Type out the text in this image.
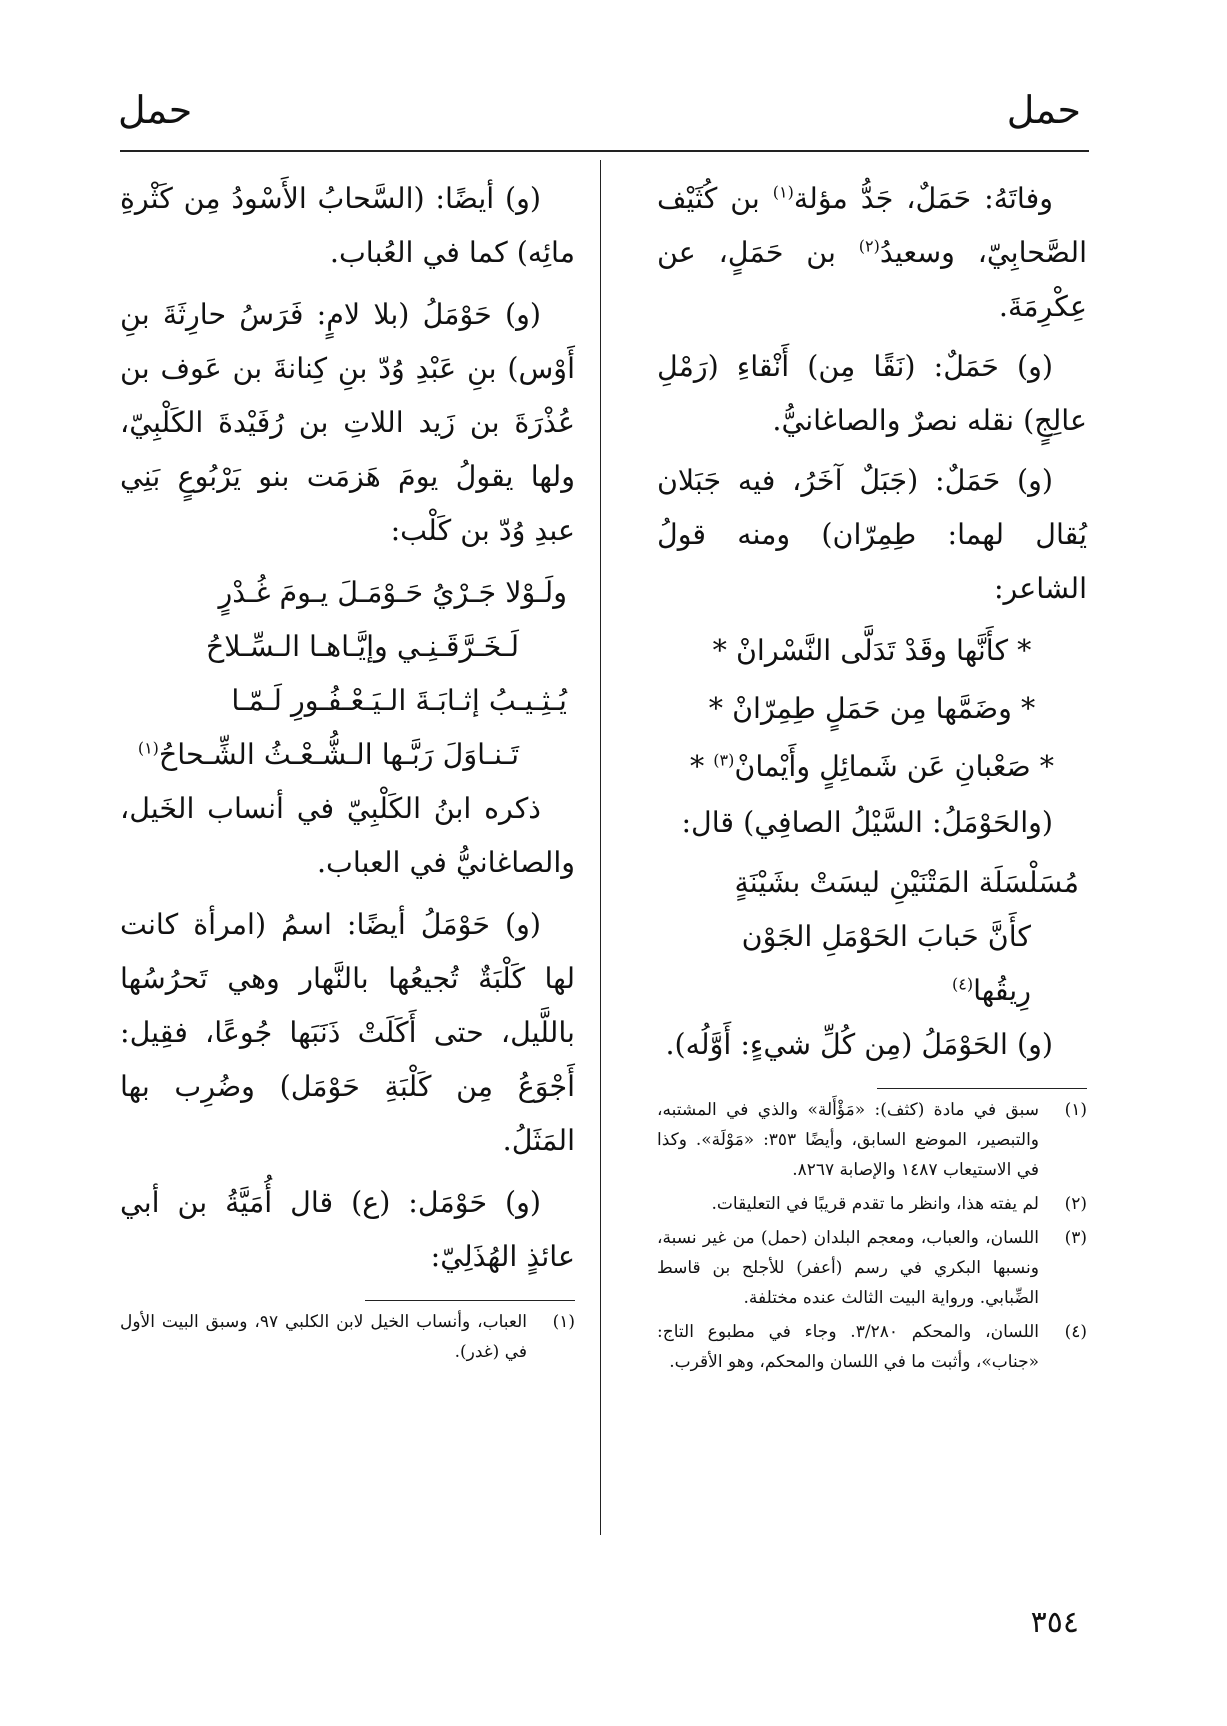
حمل
حمل

وفاتَهُ: حَمَلٌ، جَدُّ مؤلة$^{(١)}$ بن كُثَيْف الصَّحابِيّ، وسعيدُ$^{(٢)}$ بن حَمَلٍ، عن عِكْرِمَةَ.

(و) حَمَلٌ: (نَقًا مِن) أَنْقاءِ (رَمْلِ عالِجٍ) نقله نصرٌ والصاغانيُّ.

(و) حَمَلٌ: (جَبَلٌ آخَرُ، فيه جَبَلان يُقال لهما: طِمِرّان) ومنه قولُ الشاعر:

* كأَنَّها وقَدْ تَدَلَّى النَّسْرانْ *

* وضَمَّها مِن حَمَلٍ طِمِرّانْ *

* صَعْبانِ عَن شَمائِلٍ وأَيْمانْ$^{(٣)}$ *

(والحَوْمَلُ: السَّيْلُ الصافِي) قال:

مُسَلْسَلَة المَتْنَيْنِ ليسَتْ بشَيْنَةٍ

كأَنَّ حَبابَ الحَوْمَلِ الجَوْن رِيقُها$^{(٤)}$

(و) الحَوْمَلُ (مِن كُلِّ شيءٍ: أَوَّلُه).

(١)سبق في مادة (كثف): «مَؤْأَلة» والذي في المشتبه، والتبصير، الموضع السابق، وأيضًا ٣٥٣: «مَوْلَة». وكذا في الاستيعاب ١٤٨٧ والإصابة ٨٢٦٧.

(٢)لم يفته هذا، وانظر ما تقدم قريبًا في التعليقات.

(٣)اللسان، والعباب، ومعجم البلدان (حمل) من غير نسبة، ونسبها البكري في رسم (أعفر) للأجلح بن قاسط الضِّبابي. ورواية البيت الثالث عنده مختلفة.

(٤)اللسان، والمحكم ٣/٢٨٠. وجاء في مطبوع التاج: «جناب»، وأثبت ما في اللسان والمحكم، وهو الأقرب.

(و) أيضًا: (السَّحابُ الأَسْودُ مِن كَثْرةِ مائِه) كما في العُباب.

(و) حَوْمَلُ (بلا لامٍ: فَرَسُ حارِثَةَ بنِ أَوْس) بنِ عَبْدِ وُدّ بنِ كِنانةَ بن عَوف بن عُذْرَةَ بن زَيد اللاتِ بن رُفَيْدةَ الكَلْبِيّ، ولها يقولُ يومَ هَزمَت بنو يَرْبُوعٍ بَنِي عبدِ وُدّ بن كَلْب:

ولَـوْلا جَـرْيُ حَـوْمَـلَ يـومَ غُـدْرٍ

لَـخَـرَّقَـنِـي وإيَّـاهـا الـسِّـلاحُ

يُـثِـيـبُ إثـابَـةَ الـيَـعْـفُـورِ لَـمّـا

تَـنـاوَلَ رَبَّـها الـشُّـعْـثُ الشِّـحاحُ$^{(١)}$

ذكره ابنُ الكَلْبِيّ في أنساب الخَيل، والصاغانيُّ في العباب.

(و) حَوْمَلُ أيضًا: اسمُ (امرأة كانت لها كَلْبَةٌ تُجيعُها بالنَّهار وهي تَحرُسُها باللَّيل، حتى أَكَلَتْ ذَنَبَها جُوعًا، فقِيل: أَجْوَعُ مِن كَلْبَةِ حَوْمَل) وضُرِب بها المَثَلُ.

(و) حَوْمَل: (ع) قال أُمَيَّةُ بن أبي عائذٍ الهُذَلِيّ:

(١)العباب، وأنساب الخيل لابن الكلبي ٩٧، وسبق البيت الأول في (غدر).

٣٥٤
